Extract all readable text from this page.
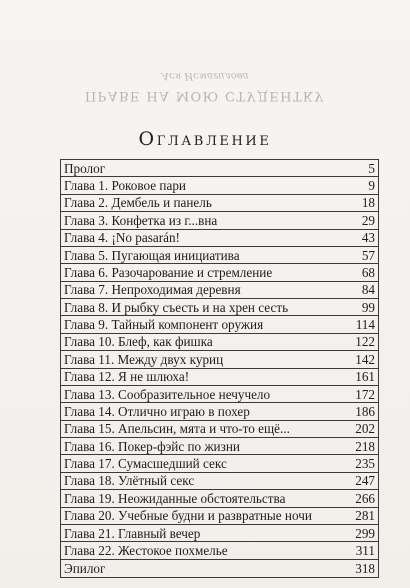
Ася Исмагилова
ПРАВЕ НА МОЮ СТУДЕНТКУ
Оглавление
Пролог	5
Глава 1. Роковое пари	9
Глава 2. Дембель и панель	18
Глава 3. Конфетка из г...вна	29
Глава 4. ¡No pasarán!	43
Глава 5. Пугающая инициатива	57
Глава 6. Разочарование и стремление	68
Глава 7. Непроходимая деревня	84
Глава 8. И рыбку съесть и на хрен сесть	99
Глава 9. Тайный компонент оружия	114
Глава 10. Блеф, как фишка	122
Глава 11. Между двух куриц	142
Глава 12. Я не шлюха!	161
Глава 13. Сообразительное нечучело	172
Глава 14. Отлично играю в похер	186
Глава 15. Апельсин, мята и что-то ещё...	202
Глава 16. Покер-фэйс по жизни	218
Глава 17. Сумасшедший секс	235
Глава 18. Улётный секс	247
Глава 19. Неожиданные обстоятельства	266
Глава 20. Учебные будни и развратные ночи	281
Глава 21. Главный вечер	299
Глава 22. Жестокое похмелье	311
Эпилог	318
